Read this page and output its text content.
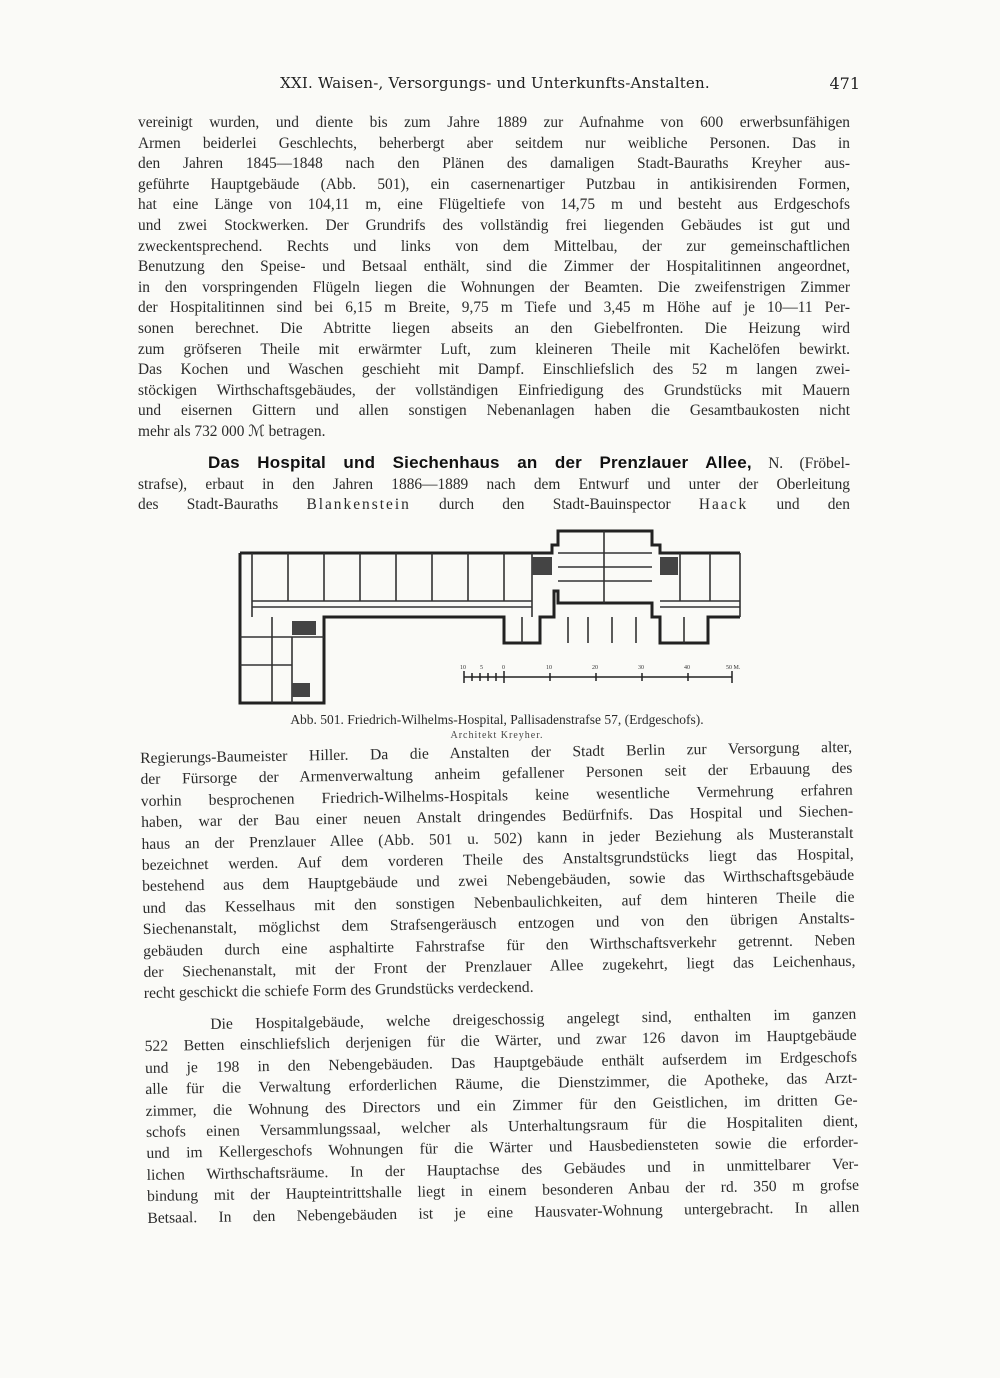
XXI. Waisen-, Versorgungs- und Unterkunfts-Anstalten.	471
vereinigt wurden, und diente bis zum Jahre 1889 zur Aufnahme von 600 erwerbsunfähigen
Armen beiderlei Geschlechts, beherbergt aber seitdem nur weibliche Personen. Das in
den Jahren 1845—1848 nach den Plänen des damaligen Stadt-Bauraths Kreyher aus-
geführte Hauptgebäude (Abb. 501), ein casernenartiger Putzbau in antikisirenden Formen,
hat eine Länge von 104,11 m, eine Flügeltiefe von 14,75 m und besteht aus Erdgeschofs
und zwei Stockwerken. Der Grundrifs des vollständig frei liegenden Gebäudes ist gut und
zweckentsprechend. Rechts und links von dem Mittelbau, der zur gemeinschaftlichen
Benutzung den Speise- und Betsaal enthält, sind die Zimmer der Hospitalitinnen angeordnet,
in den vorspringenden Flügeln liegen die Wohnungen der Beamten. Die zweifenstrigen Zimmer
der Hospitalitinnen sind bei 6,15 m Breite, 9,75 m Tiefe und 3,45 m Höhe auf je 10—11 Per-
sonen berechnet. Die Abtritte liegen abseits an den Giebelfronten. Die Heizung wird
zum gröfseren Theile mit erwärmter Luft, zum kleineren Theile mit Kachelöfen bewirkt.
Das Kochen und Waschen geschieht mit Dampf. Einschliefslich des 52 m langen zwei-
stöckigen Wirthschaftsgebäudes, der vollständigen Einfriedigung des Grundstücks mit Mauern
und eisernen Gittern und allen sonstigen Nebenanlagen haben die Gesamtbaukosten nicht
mehr als 732 000 ℳ betragen.
Das Hospital und Siechenhaus an der Prenzlauer Allee, N. (Fröbel-
strafse), erbaut in den Jahren 1886—1889 nach dem Entwurf und unter der Oberleitung
des Stadt-Bauraths Blankenstein durch den Stadt-Bauinspector Haack und den
10 5	0	10	20	30	40	50 M.
Abb. 501. Friedrich-Wilhelms-Hospital, Pallisadenstrafse 57, (Erdgeschofs).
Architekt Kreyher.
Regierungs-Baumeister Hiller. Da die Anstalten der Stadt Berlin zur Versorgung alter,
der Fürsorge der Armenverwaltung anheim gefallener Personen seit der Erbauung des
vorhin besprochenen Friedrich-Wilhelms-Hospitals keine wesentliche Vermehrung erfahren
haben, war der Bau einer neuen Anstalt dringendes Bedürfnifs. Das Hospital und Siechen-
haus an der Prenzlauer Allee (Abb. 501 u. 502) kann in jeder Beziehung als Musteranstalt
bezeichnet werden. Auf dem vorderen Theile des Anstaltsgrundstücks liegt das Hospital,
bestehend aus dem Hauptgebäude und zwei Nebengebäuden, sowie das Wirthschaftsgebäude
und das Kesselhaus mit den sonstigen Nebenbaulichkeiten, auf dem hinteren Theile die
Siechenanstalt, möglichst dem Strafsengeräusch entzogen und von den übrigen Anstalts-
gebäuden durch eine asphaltirte Fahrstrafse für den Wirthschaftsverkehr getrennt. Neben
der Siechenanstalt, mit der Front der Prenzlauer Allee zugekehrt, liegt das Leichenhaus,
recht geschickt die schiefe Form des Grundstücks verdeckend.
Die Hospitalgebäude, welche dreigeschossig angelegt sind, enthalten im ganzen
522 Betten einschliefslich derjenigen für die Wärter, und zwar 126 davon im Hauptgebäude
und je 198 in den Nebengebäuden. Das Hauptgebäude enthält aufserdem im Erdgeschofs
alle für die Verwaltung erforderlichen Räume, die Dienstzimmer, die Apotheke, das Arzt-
zimmer, die Wohnung des Directors und ein Zimmer für den Geistlichen, im dritten Ge-
schofs einen Versammlungssaal, welcher als Unterhaltungsraum für die Hospitaliten dient,
und im Kellergeschofs Wohnungen für die Wärter und Hausbediensteten sowie die erforder-
lichen Wirthschaftsräume. In der Hauptachse des Gebäudes und in unmittelbarer Ver-
bindung mit der Haupteintrittshalle liegt in einem besonderen Anbau der rd. 350 m grofse
Betsaal. In den Nebengebäuden ist je eine Hausvater-Wohnung untergebracht. In allen
